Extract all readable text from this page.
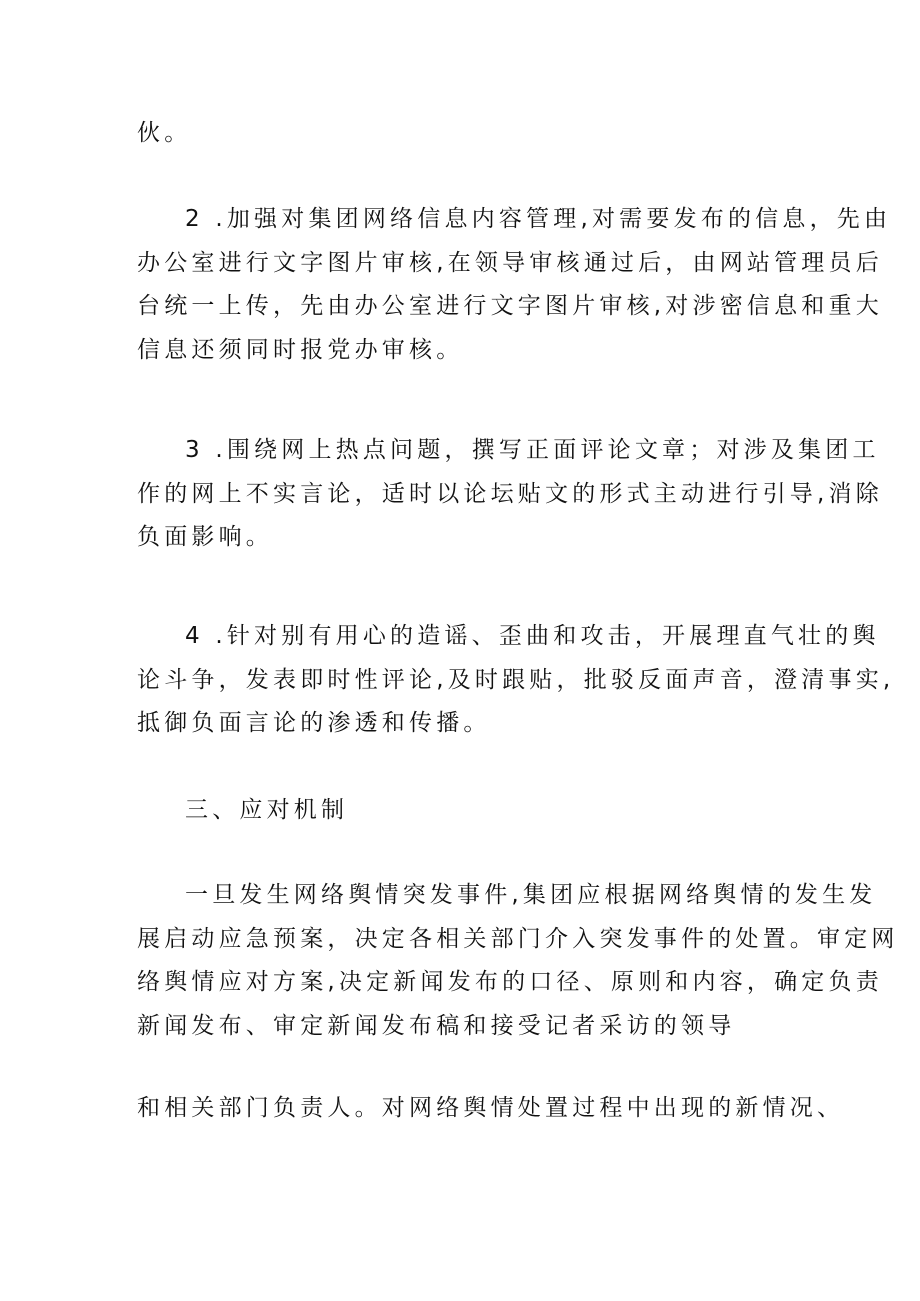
伙。
2 .加强对集团网络信息内容管理,对需要发布的信息，先由
办公室进行文字图片审核,在领导审核通过后，由网站管理员后
台统一上传，先由办公室进行文字图片审核,对涉密信息和重大
信息还须同时报党办审核。
3 .围绕网上热点问题，撰写正面评论文章；对涉及集团工
作的网上不实言论，适时以论坛贴文的形式主动进行引导,消除
负面影响。
4 .针对别有用心的造谣、歪曲和攻击，开展理直气壮的舆
论斗争，发表即时性评论,及时跟贴，批驳反面声音，澄清事实,
抵御负面言论的渗透和传播。
三、应对机制
一旦发生网络舆情突发事件,集团应根据网络舆情的发生发
展启动应急预案，决定各相关部门介入突发事件的处置。审定网
络舆情应对方案,决定新闻发布的口径、原则和内容，确定负责
新闻发布、审定新闻发布稿和接受记者采访的领导
和相关部门负责人。对网络舆情处置过程中出现的新情况、
